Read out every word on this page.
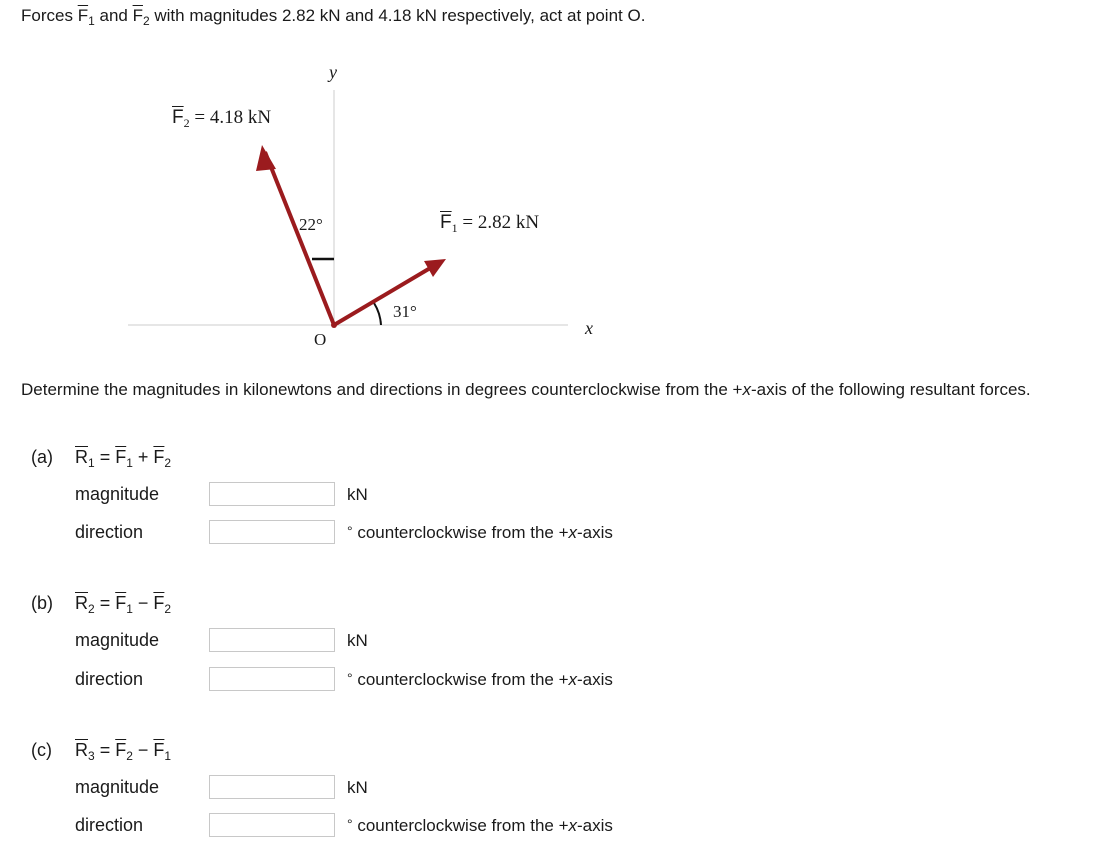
Forces $\overline{F}_1$ and $\overline{F}_2$ with magnitudes 2.82 kN and 4.18 kN respectively, act at point O.
y
x
O
$\overline{F}_2 = 4.18$ kN
$\overline{F}_1 = 2.82$ kN
22°
31°
Determine the magnitudes in kilonewtons and directions in degrees counterclockwise from the +x-axis of the following resultant forces.
(a) $\overline{R}_1 = \overline{F}_1 + \overline{F}_2$
magnitude	kN
direction	° counterclockwise from the +x-axis
(b) $\overline{R}_2 = \overline{F}_1 - \overline{F}_2$
magnitude	kN
direction	° counterclockwise from the +x-axis
(c) $\overline{R}_3 = \overline{F}_2 - \overline{F}_1$
magnitude	kN
direction	° counterclockwise from the +x-axis
